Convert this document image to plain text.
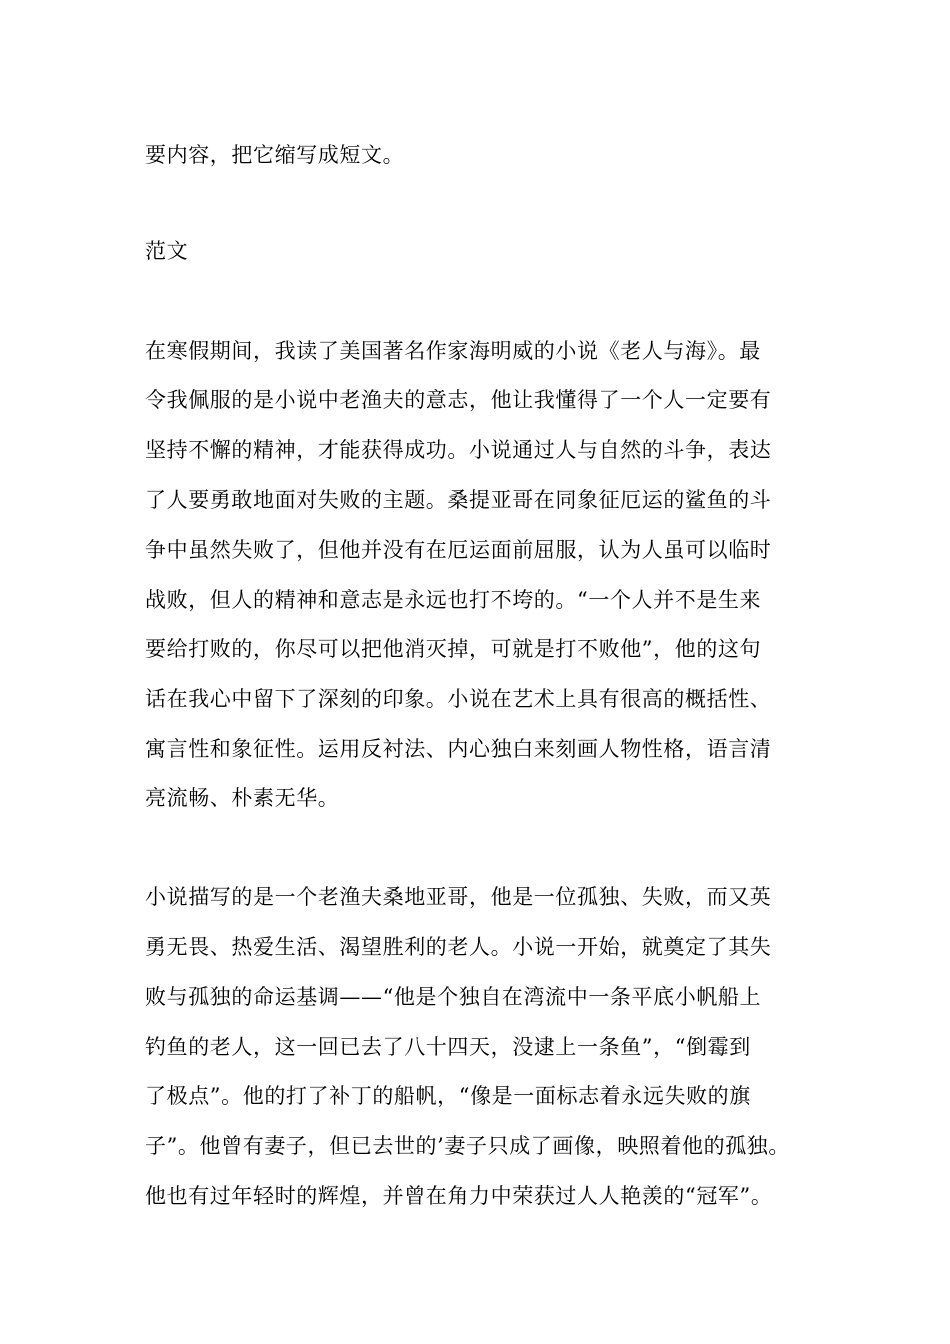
要内容，把它缩写成短文。
范文
在寒假期间，我读了美国著名作家海明威的小说《老人与海》。最
令我佩服的是小说中老渔夫的意志，他让我懂得了一个人一定要有
坚持不懈的精神，才能获得成功。小说通过人与自然的斗争，表达
了人要勇敢地面对失败的主题。桑提亚哥在同象征厄运的鲨鱼的斗
争中虽然失败了，但他并没有在厄运面前屈服，认为人虽可以临时
战败，但人的精神和意志是永远也打不垮的。“一个人并不是生来
要给打败的，你尽可以把他消灭掉，可就是打不败他”，他的这句
话在我心中留下了深刻的印象。小说在艺术上具有很高的概括性、
寓言性和象征性。运用反衬法、内心独白来刻画人物性格，语言清
亮流畅、朴素无华。
小说描写的是一个老渔夫桑地亚哥，他是一位孤独、失败，而又英
勇无畏、热爱生活、渴望胜利的老人。小说一开始，就奠定了其失
败与孤独的命运基调——“他是个独自在湾流中一条平底小帆船上
钓鱼的老人，这一回已去了八十四天，没逮上一条鱼”，“倒霉到
了极点”。他的打了补丁的船帆，“像是一面标志着永远失败的旗
子”。他曾有妻子，但已去世的’妻子只成了画像，映照着他的孤独。
他也有过年轻时的辉煌，并曾在角力中荣获过人人艳羡的“冠军”。
